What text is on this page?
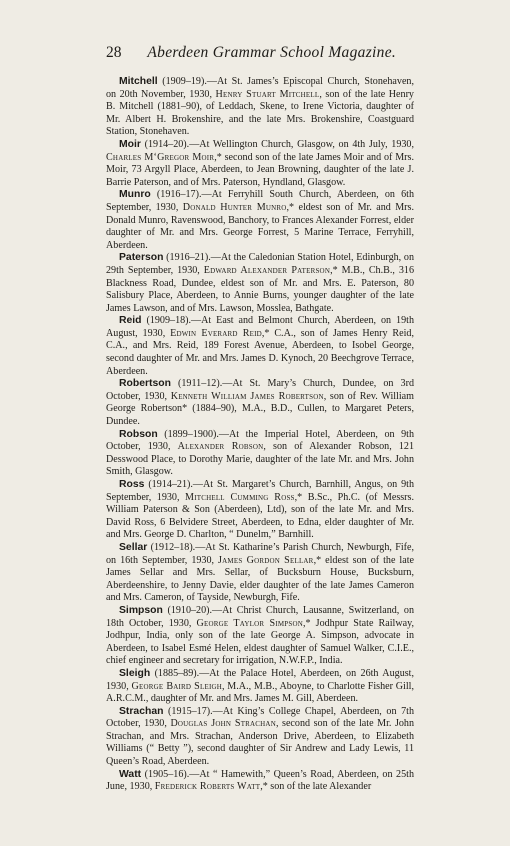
28 Aberdeen Grammar School Magazine.

Mitchell (1909–19).—At St. James’s Episcopal Church, Stonehaven, on 20th November, 1930, Henry Stuart Mitchell, son of the late Henry B. Mitchell (1881–90), of Leddach, Skene, to Irene Victoria, daughter of Mr. Albert H. Brokenshire, and the late Mrs. Brokenshire, Coastguard Station, Stonehaven.

Moir (1914–20).—At Wellington Church, Glasgow, on 4th July, 1930, Charles M‘Gregor Moir,* second son of the late James Moir and of Mrs. Moir, 73 Argyll Place, Aberdeen, to Jean Browning, daughter of the late J. Barrie Paterson, and of Mrs. Paterson, Hyndland, Glasgow.

Munro (1916–17).—At Ferryhill South Church, Aberdeen, on 6th September, 1930, Donald Hunter Munro,* eldest son of Mr. and Mrs. Donald Munro, Ravenswood, Banchory, to Frances Alexander Forrest, elder daughter of Mr. and Mrs. George Forrest, 5 Marine Terrace, Ferryhill, Aberdeen.

Paterson (1916–21).—At the Caledonian Station Hotel, Edinburgh, on 29th September, 1930, Edward Alexander Paterson,* M.B., Ch.B., 316 Blackness Road, Dundee, eldest son of Mr. and Mrs. E. Paterson, 80 Salisbury Place, Aberdeen, to Annie Burns, younger daughter of the late James Lawson, and of Mrs. Lawson, Mosslea, Bathgate.

Reid (1909–18).—At East and Belmont Church, Aberdeen, on 19th August, 1930, Edwin Everard Reid,* C.A., son of James Henry Reid, C.A., and Mrs. Reid, 189 Forest Avenue, Aberdeen, to Isobel George, second daughter of Mr. and Mrs. James D. Kynoch, 20 Beechgrove Terrace, Aberdeen.

Robertson (1911–12).—At St. Mary’s Church, Dundee, on 3rd October, 1930, Kenneth William James Robertson, son of Rev. William George Robertson* (1884–90), M.A., B.D., Cullen, to Margaret Peters, Dundee.

Robson (1899–1900).—At the Imperial Hotel, Aberdeen, on 9th October, 1930, Alexander Robson, son of Alexander Robson, 121 Desswood Place, to Dorothy Marie, daughter of the late Mr. and Mrs. John Smith, Glasgow.

Ross (1914–21).—At St. Margaret’s Church, Barnhill, Angus, on 9th September, 1930, Mitchell Cumming Ross,* B.Sc., Ph.C. (of Messrs. William Paterson & Son (Aberdeen), Ltd), son of the late Mr. and Mrs. David Ross, 6 Belvidere Street, Aberdeen, to Edna, elder daughter of Mr. and Mrs. George D. Charlton, “ Dunelm,” Barnhill.

Sellar (1912–18).—At St. Katharine’s Parish Church, Newburgh, Fife, on 16th September, 1930, James Gordon Sellar,* eldest son of the late James Sellar and Mrs. Sellar, of Bucksburn House, Bucksburn, Aberdeenshire, to Jenny Davie, elder daughter of the late James Cameron and Mrs. Cameron, of Tayside, Newburgh, Fife.

Simpson (1910–20).—At Christ Church, Lausanne, Switzerland, on 18th October, 1930, George Taylor Simpson,* Jodhpur State Railway, Jodhpur, India, only son of the late George A. Simpson, advocate in Aberdeen, to Isabel Esmé Helen, eldest daughter of Samuel Walker, C.I.E., chief engineer and secretary for irrigation, N.W.F.P., India.

Sleigh (1885–89).—At the Palace Hotel, Aberdeen, on 26th August, 1930, George Baird Sleigh, M.A., M.B., Aboyne, to Charlotte Fisher Gill, A.R.C.M., daughter of Mr. and Mrs. James M. Gill, Aberdeen.

Strachan (1915–17).—At King’s College Chapel, Aberdeen, on 7th October, 1930, Douglas John Strachan, second son of the late Mr. John Strachan, and Mrs. Strachan, Anderson Drive, Aberdeen, to Elizabeth Williams (“ Betty ”), second daughter of Sir Andrew and Lady Lewis, 11 Queen’s Road, Aberdeen.

Watt (1905–16).—At “ Hamewith,” Queen’s Road, Aberdeen, on 25th June, 1930, Frederick Roberts Watt,* son of the late Alexander
